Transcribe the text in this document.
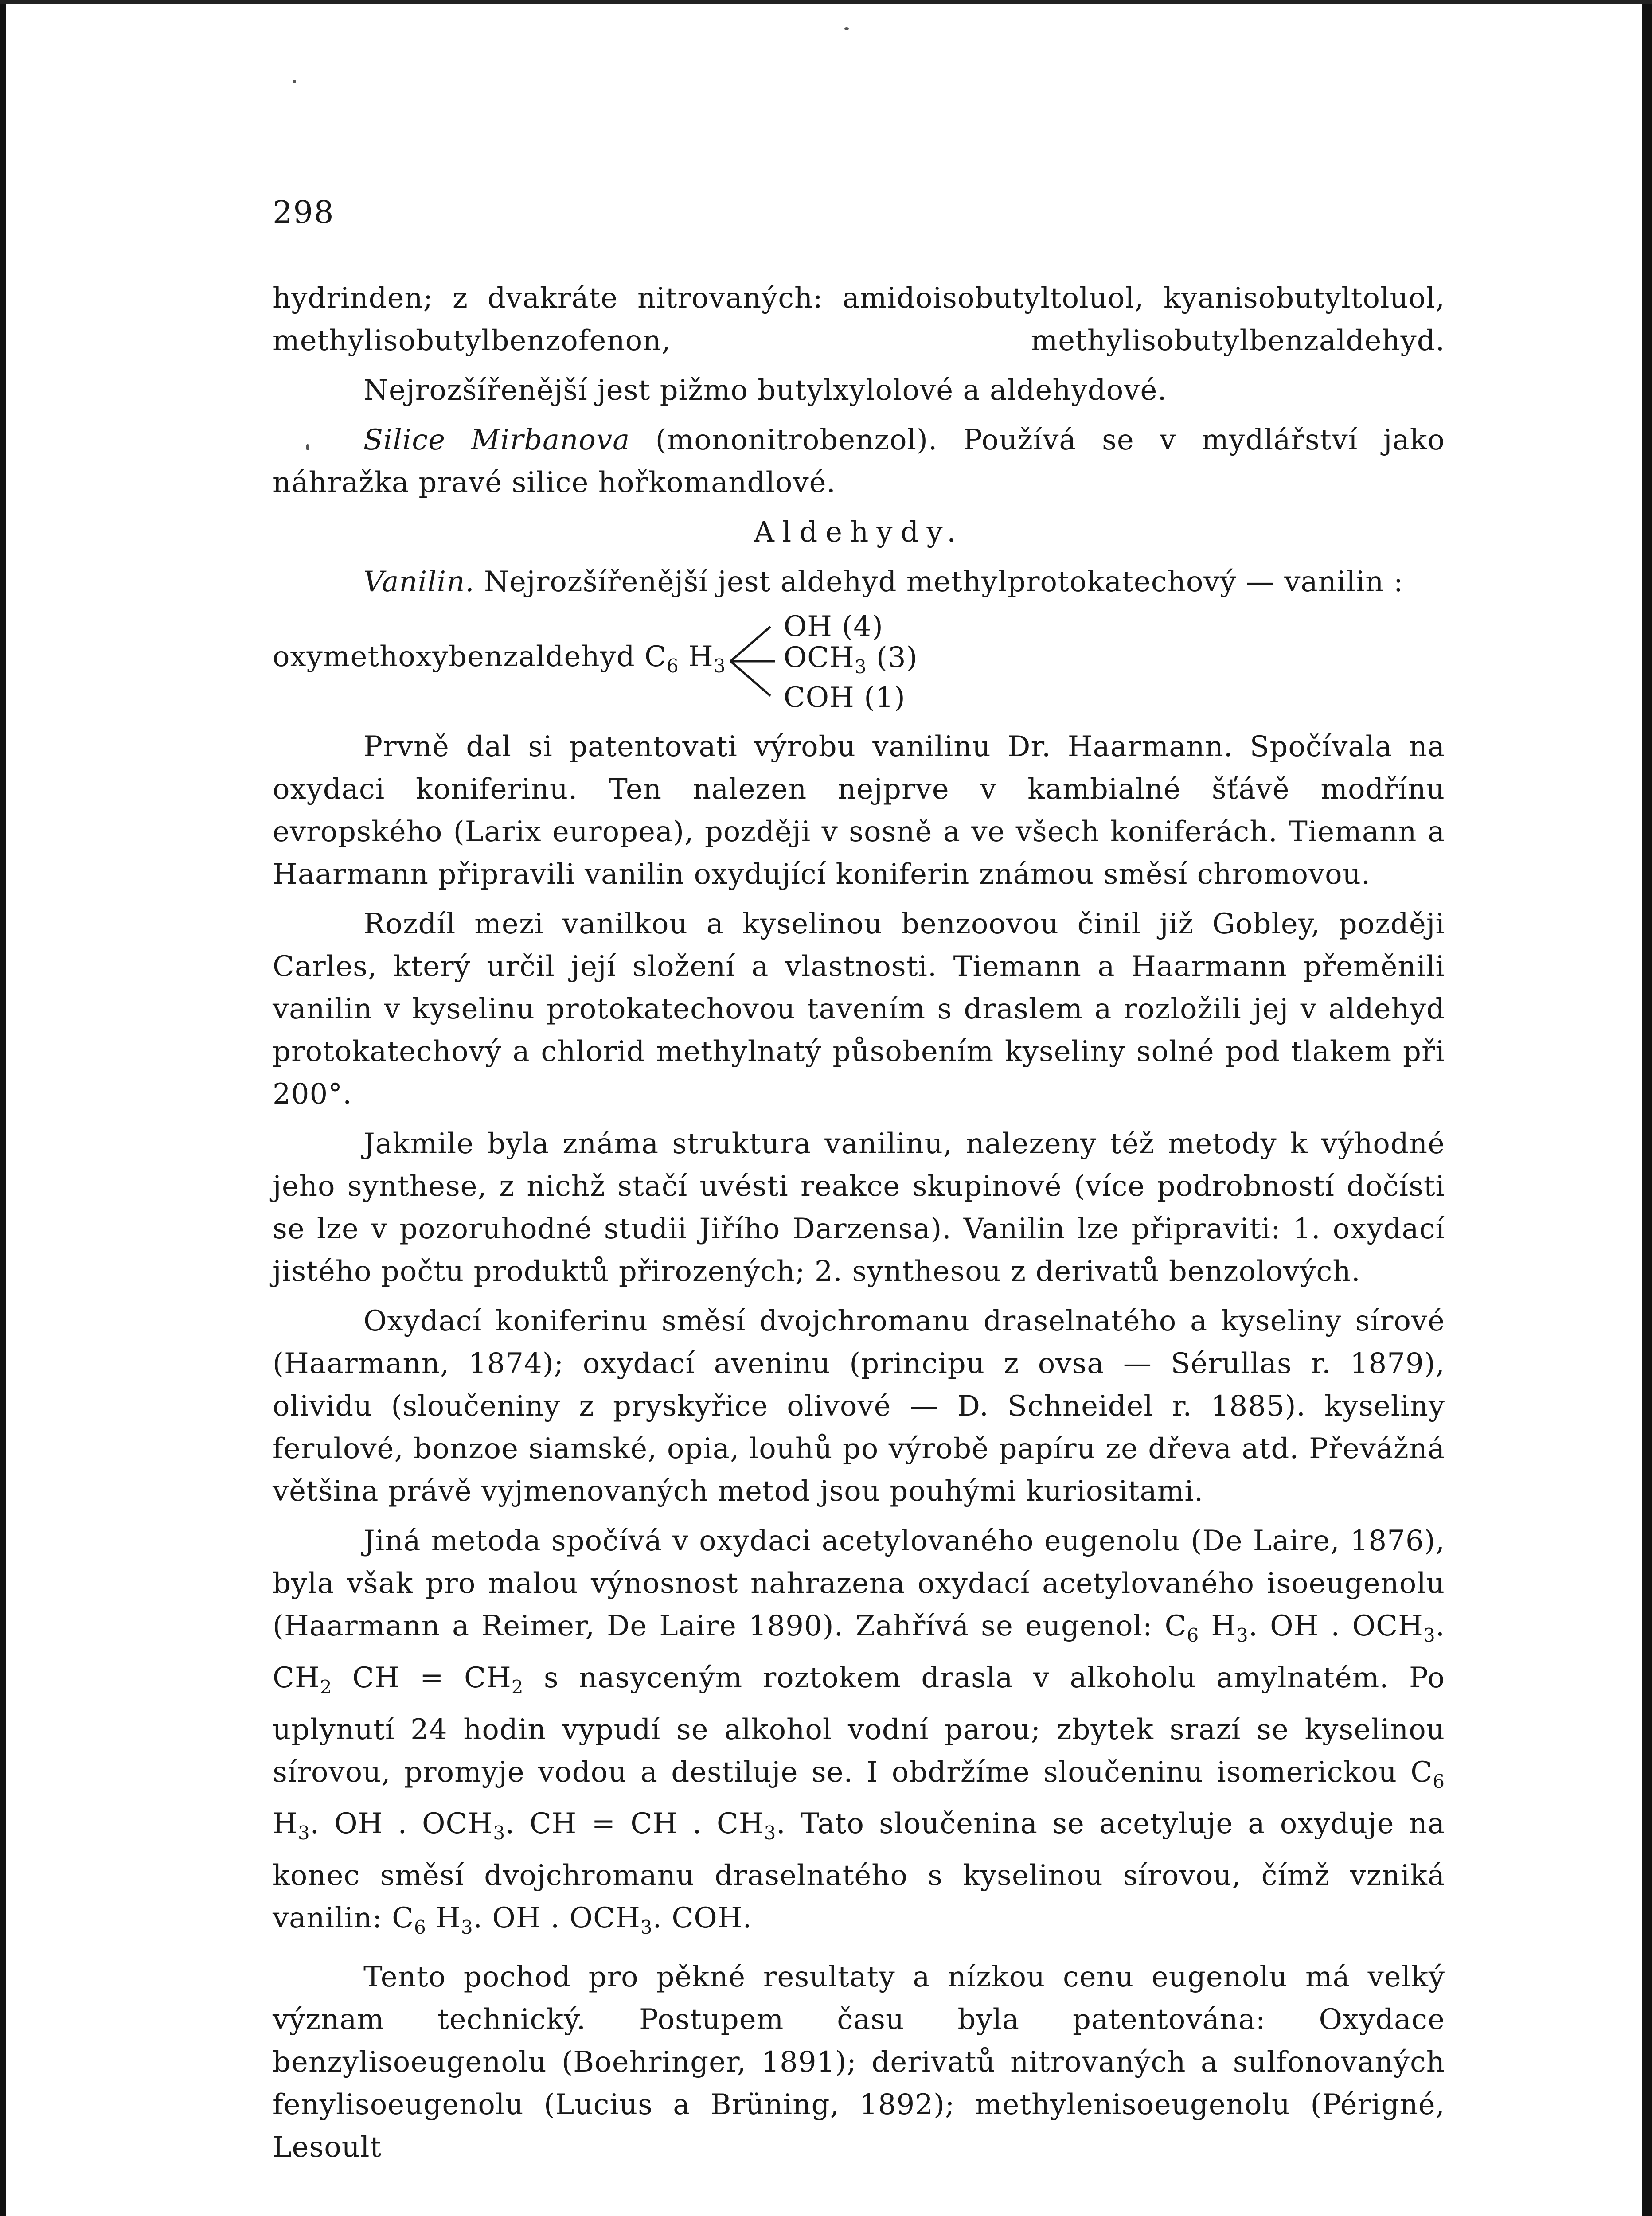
298

hydrinden; z dvakráte nitrovaných: amidoisobutyltoluol, kyanisobutyltoluol, methylisobutylbenzofenon, methylisobutylbenzaldehyd.

Nejrozšířenější jest pižmo butylxylolové a aldehydové.

Silice Mirbanova (mononitrobenzol). Používá se v mydlářství jako náhražka pravé silice hořkomandlové.

Aldehydy.

Vanilin. Nejrozšířenější jest aldehyd methylprotokatechový — vanilin :

oxymethoxybenzaldehyd $C_6$ $H_3$
OH (4)
$OCH_3$ (3)
COH (1)

Prvně dal si patentovati výrobu vanilinu Dr. Haarmann. Spočívala na oxydaci koniferinu. Ten nalezen nejprve v kambialné šťávě modřínu evropského (Larix europea), později v sosně a ve všech koniferách. Tiemann a Haarmann připravili vanilin oxydující koniferin známou směsí chromovou.

Rozdíl mezi vanilkou a kyselinou benzoovou činil již Gobley, později Carles, který určil její složení a vlastnosti. Tiemann a Haarmann přeměnili vanilin v kyselinu protokatechovou tavením s draslem a rozložili jej v aldehyd protokatechový a chlorid methylnatý působením kyseliny solné pod tlakem při 200°.

Jakmile byla známa struktura vanilinu, nalezeny též metody k výhodné jeho synthese, z nichž stačí uvésti reakce skupinové (více podrobností dočísti se lze v pozoruhodné studii Jiřího Darzensa). Vanilin lze připraviti: 1. oxydací jistého počtu produktů přirozených; 2. synthesou z derivatů benzolových.

Oxydací koniferinu směsí dvojchromanu draselnatého a kyseliny sírové (Haarmann, 1874); oxydací aveninu (principu z ovsa — Sérullas r. 1879), olividu (sloučeniny z pryskyřice olivové — D. Schneidel r. 1885). kyseliny ferulové, bonzoe siamské, opia, louhů po výrobě papíru ze dřeva atd. Převážná většina právě vyjmenovaných metod jsou pouhými kuriositami.

Jiná metoda spočívá v oxydaci acetylovaného eugenolu (De Laire, 1876), byla však pro malou výnosnost nahrazena oxydací acetylovaného isoeugenolu (Haarmann a Reimer, De Laire 1890). Zahřívá se eugenol: $C_6$ $H_3$. OH . $OCH_3$. $CH_2$ CH = $CH_2$ s nasyceným roztokem drasla v alkoholu amylnatém. Po uplynutí 24 hodin vypudí se alkohol vodní parou; zbytek srazí se kyselinou sírovou, promyje vodou a destiluje se. I obdržíme sloučeninu isomerickou $C_6$ $H_3$. OH . $OCH_3$. CH = CH . $CH_3$. Tato sloučenina se acetyluje a oxyduje na konec směsí dvojchromanu draselnatého s kyselinou sírovou, čímž vzniká vanilin: $C_6$ $H_3$. OH . $OCH_3$. COH.

Tento pochod pro pěkné resultaty a nízkou cenu eugenolu má velký význam technický. Postupem času byla patentována: Oxydace benzylisoeugenolu (Boehringer, 1891); derivatů nitrovaných a sulfonovaných fenylisoeugenolu (Lucius a Brüning, 1892); methylenisoeugenolu (Périgné, Lesoult
